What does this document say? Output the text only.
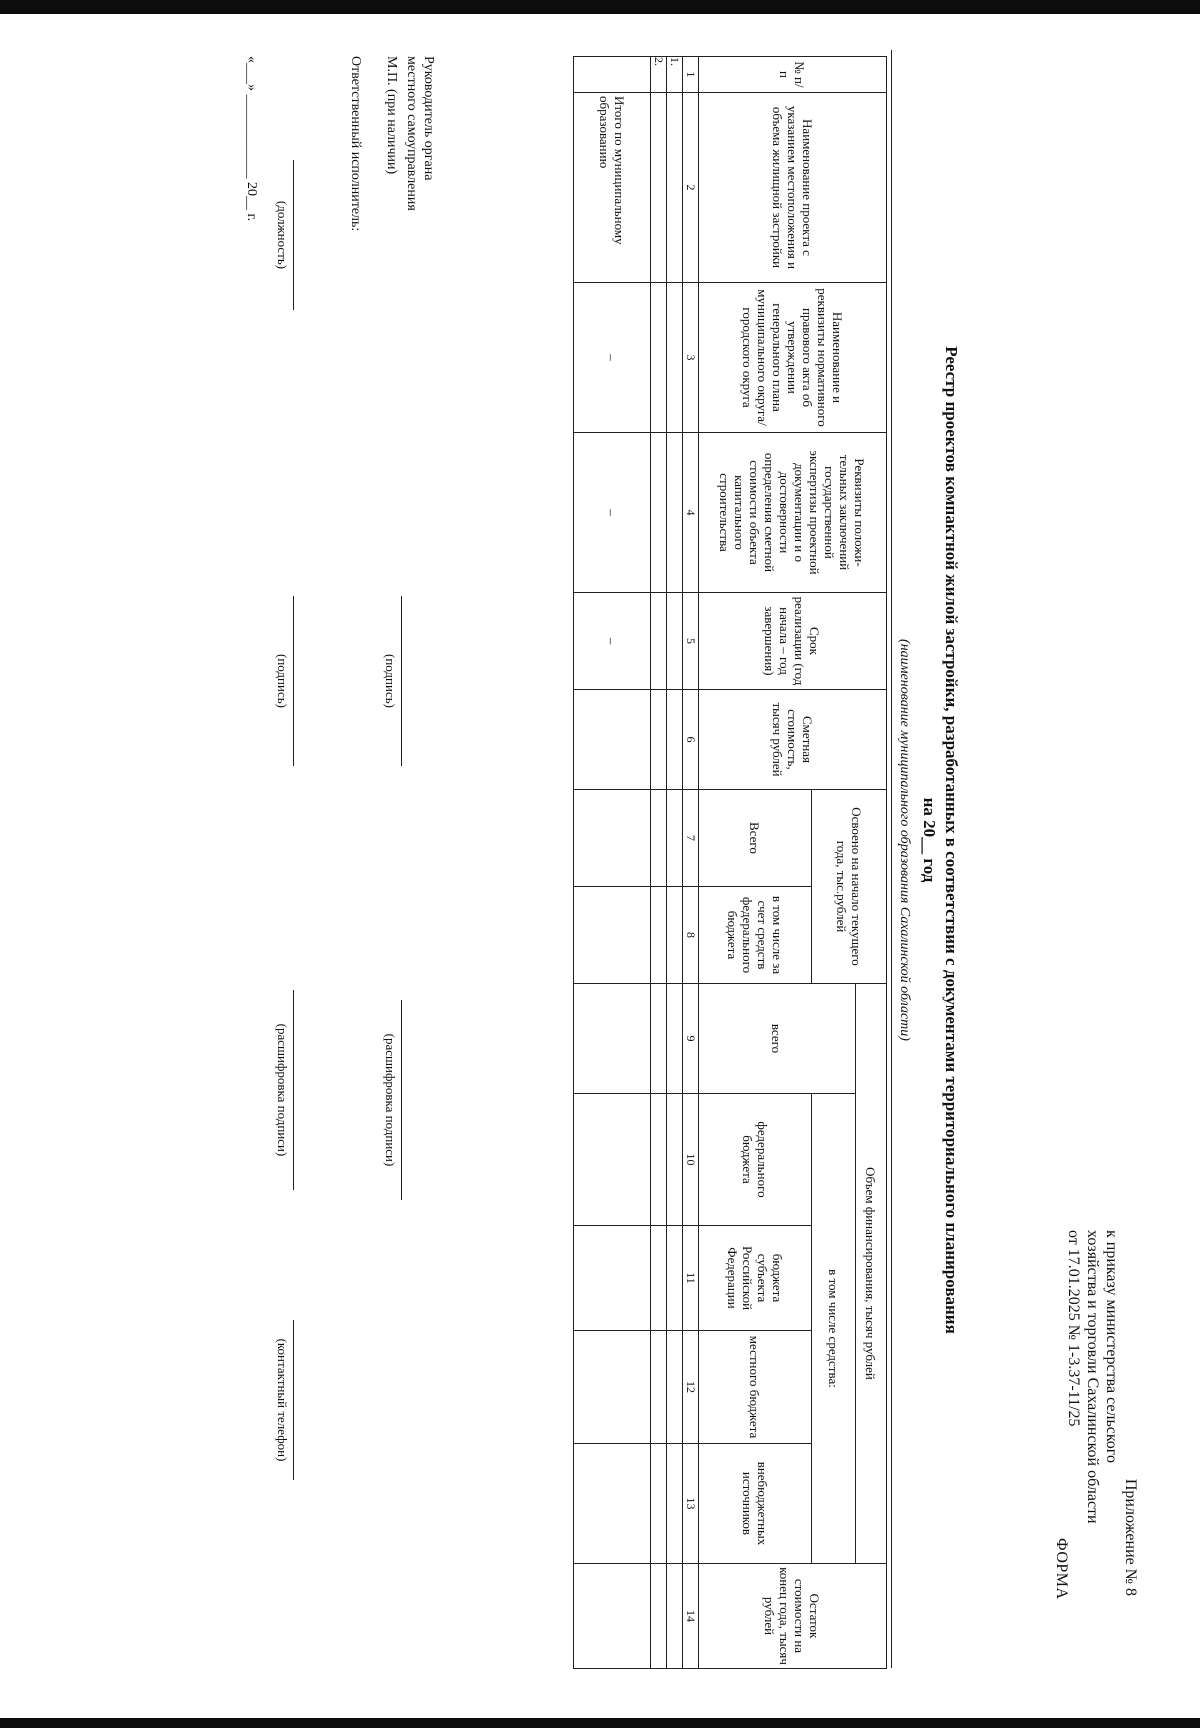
Приложение № 8
к приказу министерства сельского
хозяйства и торговли Сахалинской области
от 17.01.2025 № 1-3.37-11/25
ФОРМА
Реестр проектов компактной жилой застройки, разработанных в соответствии с документами территориального планирования
на 20__ год
(наименование муниципального образования Сахалинской области)
№ п/п	Наименование проекта с указанием местоположения и объема жилищной застройки	Наименование и реквизиты нормативного правового акта об утверждении генерального плана муниципального округа/ городского округа	Реквизиты положи-тельных заключений государственной экспертизы проектной документации и о достоверности определения сметной стоимости объекта капитального строительства	Срок реализации (год начала – год завершения)	Сметная стоимость, тысяч рублей	Освоено на начало текущего года, тыс.рублей		Объем финансирования, тысяч рублей					Остаток стоимости на конец года, тысяч рублей
								всего	в том числе средства:				
						Всего	в том числе за счет средств федерального бюджета		федерального бюджета	бюджета субъекта Российской Федерации	местного бюджета	внебюджетных источников	
1	2	3	4	5	6	7	8	9	10	11	12	13	14
1.													
2.													
	Итого по муниципальному образованию	–	–	–									
Руководитель органа
местного самоуправления
М.П. (при наличии)
(подпись)
(расшифровка подписи)
Ответственный исполнитель:
(должность)
(подпись)
(расшифровка подписи)
(контактный телефон)
«___» ____________ 20__ г.
